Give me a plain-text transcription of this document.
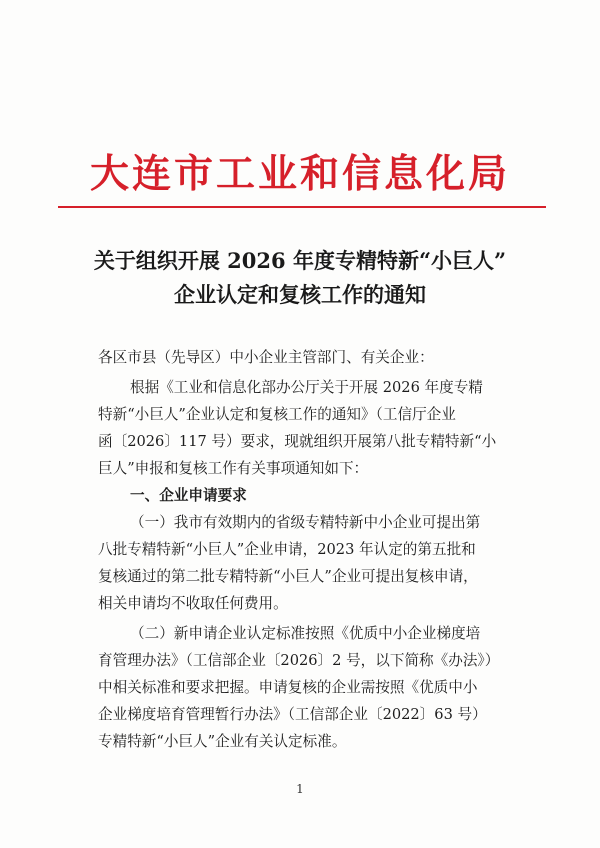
大连市工业和信息化局
关于组织开展 2026 年度专精特新“小巨人”
企业认定和复核工作的通知
各区市县（先导区）中小企业主管部门、有关企业：
根据《工业和信息化部办公厅关于开展 2026 年度专精
特新“小巨人”企业认定和复核工作的通知》（工信厅企业
函〔2026〕117 号）要求，现就组织开展第八批专精特新“小
巨人”申报和复核工作有关事项通知如下：
一、企业申请要求
（一）我市有效期内的省级专精特新中小企业可提出第
八批专精特新“小巨人”企业申请，2023 年认定的第五批和
复核通过的第二批专精特新“小巨人”企业可提出复核申请，
相关申请均不收取任何费用。
（二）新申请企业认定标准按照《优质中小企业梯度培
育管理办法》（工信部企业〔2026〕2 号，以下简称《办法》）
中相关标准和要求把握。申请复核的企业需按照《优质中小
企业梯度培育管理暂行办法》（工信部企业〔2022〕63 号）
专精特新“小巨人”企业有关认定标准。
1
